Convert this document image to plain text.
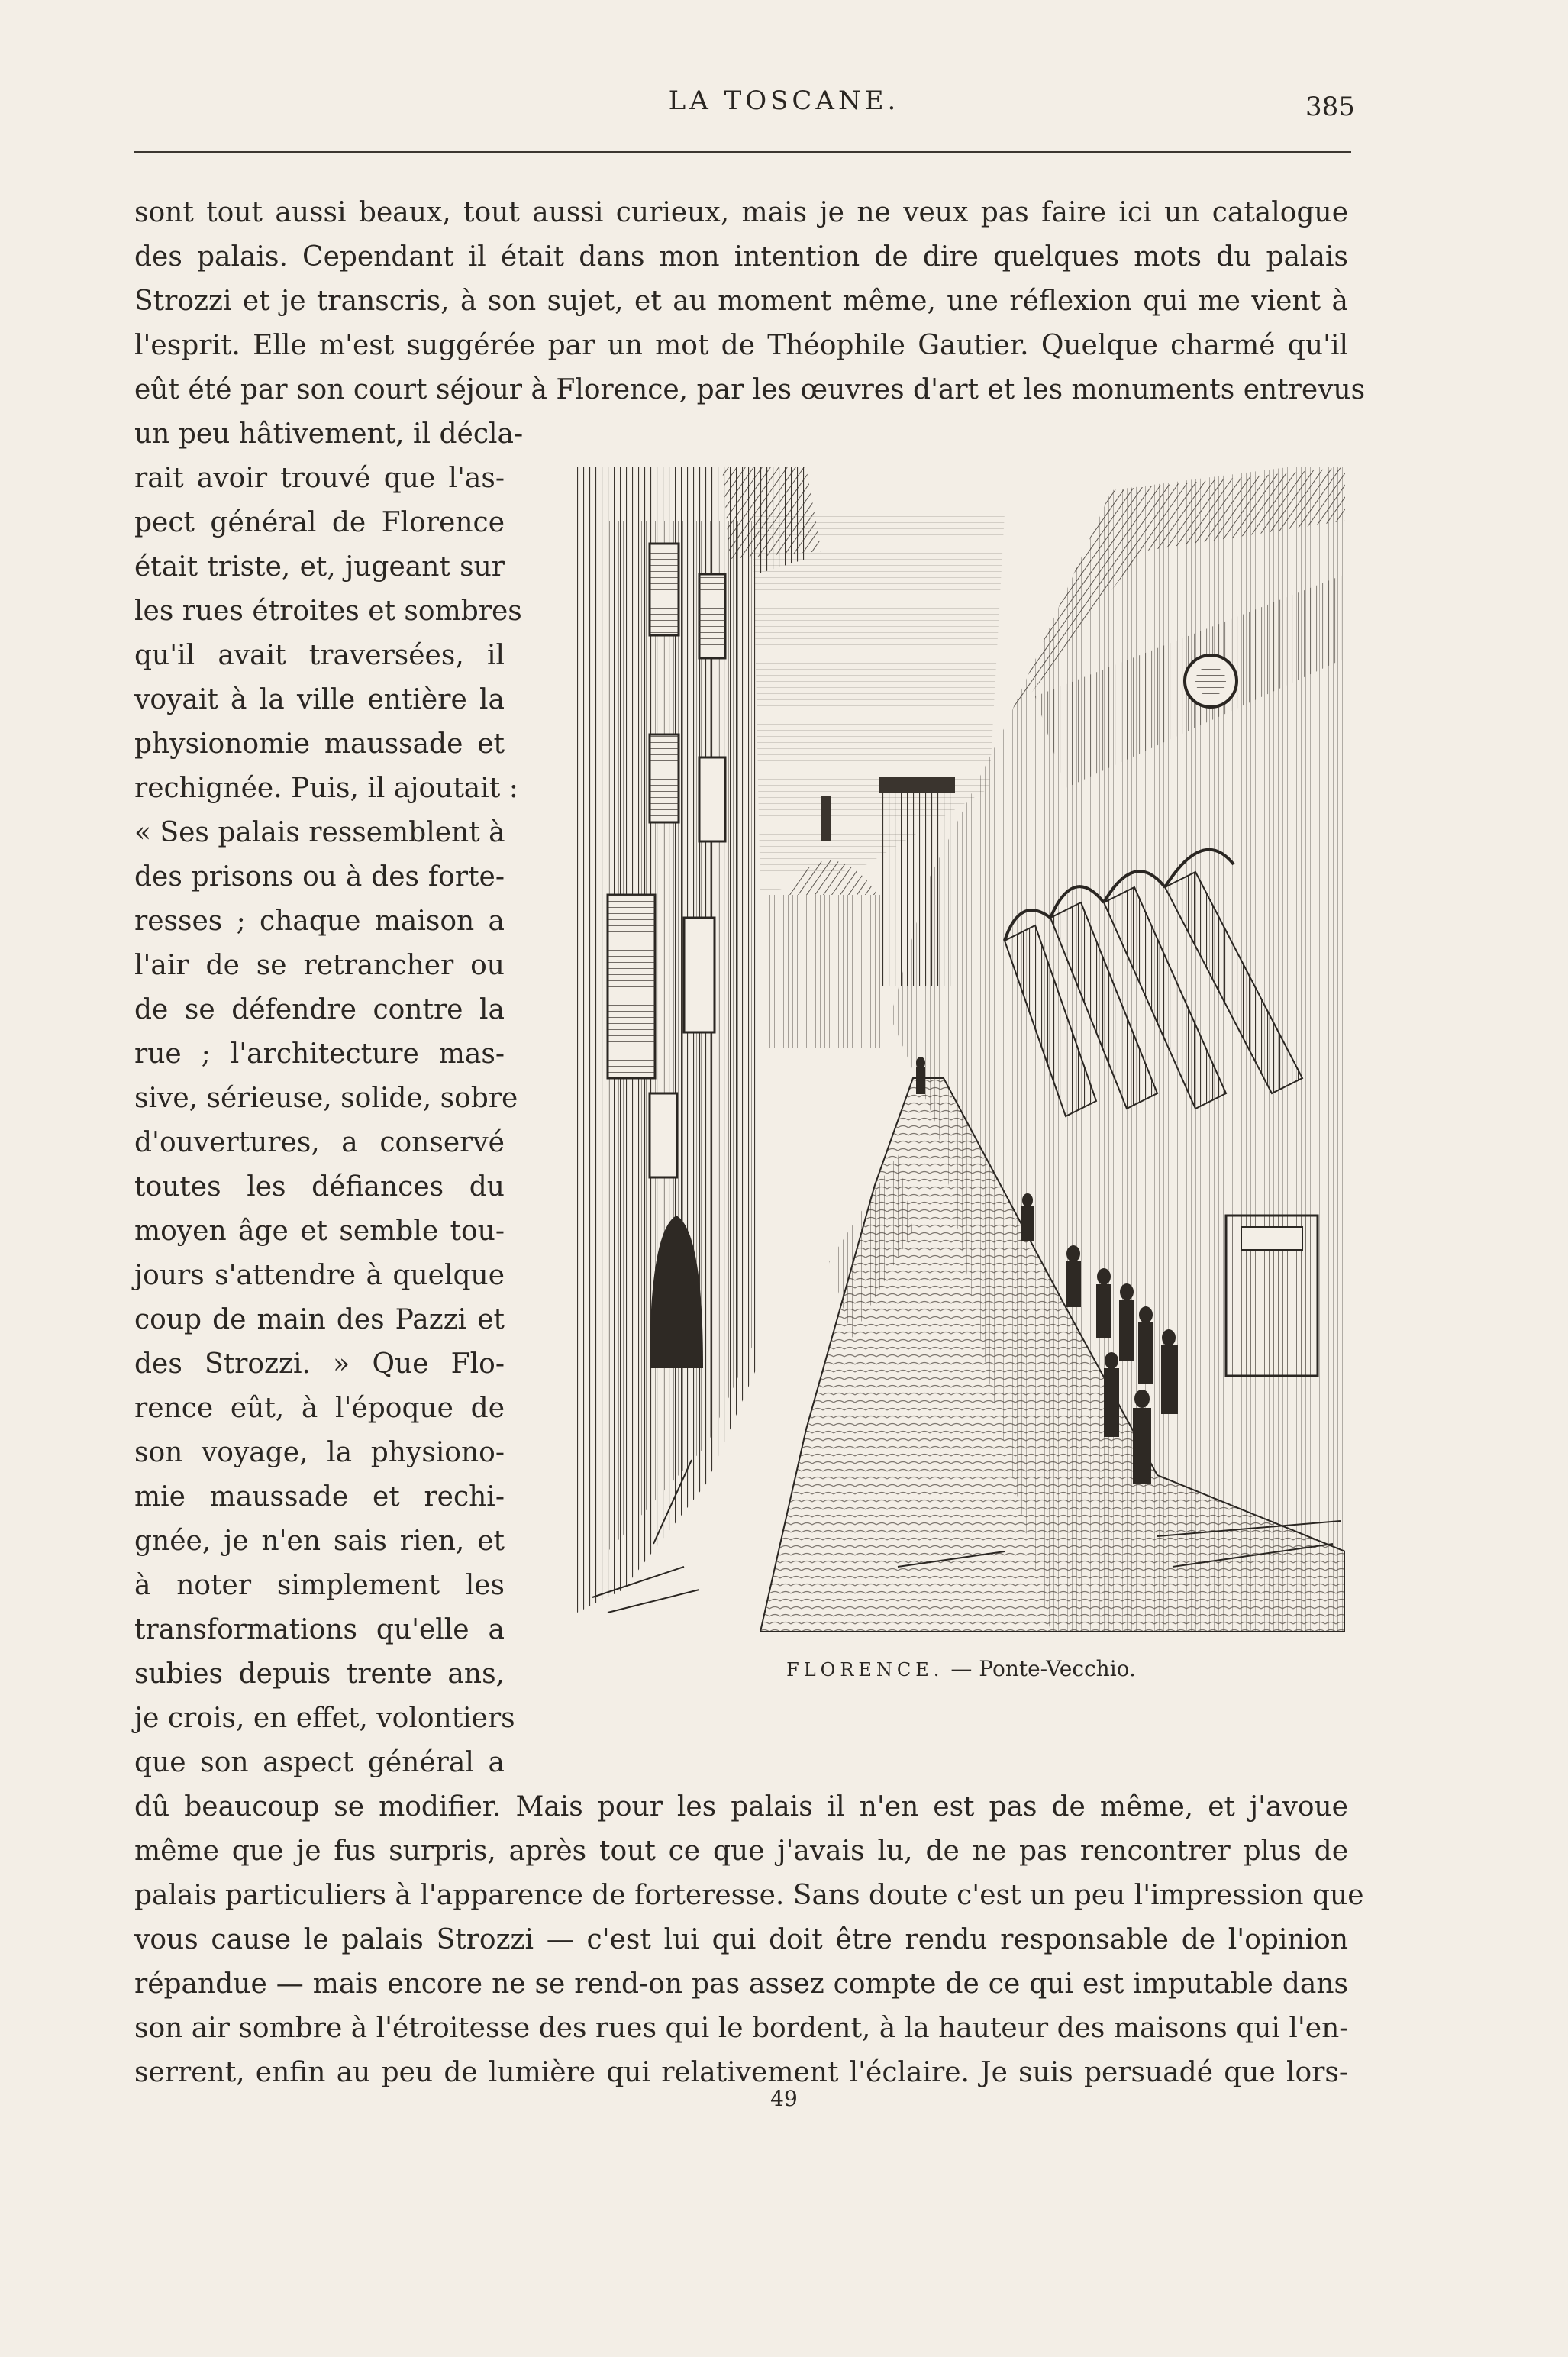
LA TOSCANE.	385
sont tout aussi beaux, tout aussi curieux, mais je ne veux pas faire ici un catalogue
des palais. Cependant il était dans mon intention de dire quelques mots du palais
Strozzi et je transcris, à son sujet, et au moment même, une réflexion qui me vient à
l'esprit. Elle m'est suggérée par un mot de Théophile Gautier. Quelque charmé qu'il
eût été par son court séjour à Florence, par les œuvres d'art et les monuments entrevus
un peu hâtivement, il décla-
rait avoir trouvé que l'as-
pect général de Florence
était triste, et, jugeant sur
les rues étroites et sombres
qu'il avait traversées, il
voyait à la ville entière la
physionomie maussade et
rechignée. Puis, il ajoutait :
« Ses palais ressemblent à
des prisons ou à des forte-
resses ; chaque maison a
l'air de se retrancher ou
de se défendre contre la
rue ; l'architecture mas-
sive, sérieuse, solide, sobre
d'ouvertures, a conservé
toutes les défiances du
moyen âge et semble tou-
jours s'attendre à quelque
coup de main des Pazzi et
des Strozzi. » Que Flo-
rence eût, à l'époque de
son voyage, la physiono-
mie maussade et rechi-
gnée, je n'en sais rien, et
à noter simplement les
transformations qu'elle a
subies depuis trente ans,
je crois, en effet, volontiers
que son aspect général a
dû beaucoup se modifier. Mais pour les palais il n'en est pas de même, et j'avoue
même que je fus surpris, après tout ce que j'avais lu, de ne pas rencontrer plus de
palais particuliers à l'apparence de forteresse. Sans doute c'est un peu l'impression que
vous cause le palais Strozzi — c'est lui qui doit être rendu responsable de l'opinion
répandue — mais encore ne se rend-on pas assez compte de ce qui est imputable dans
son air sombre à l'étroitesse des rues qui le bordent, à la hauteur des maisons qui l'en-
serrent, enfin au peu de lumière qui relativement l'éclaire. Je suis persuadé que lors-
FLORENCE. — Ponte-Vecchio.
49
